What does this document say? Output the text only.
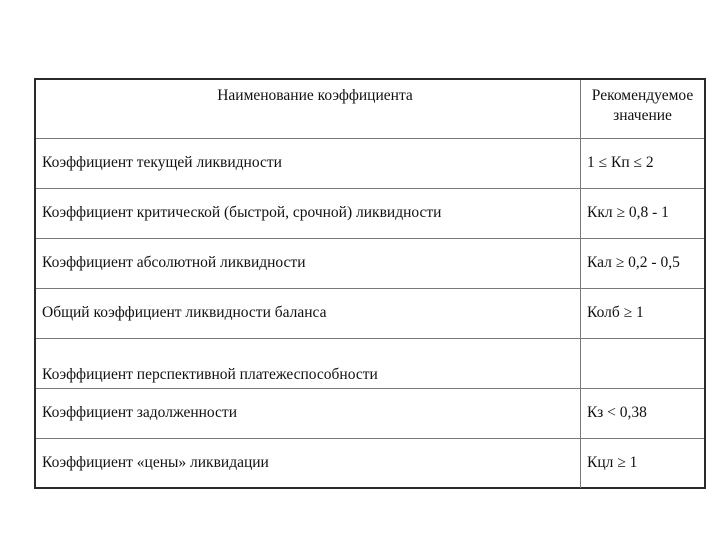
Наименование коэффициента	Рекомендуемое значение
Коэффициент текущей ликвидности	1 ≤ Кп ≤ 2
Коэффициент критической (быстрой, срочной) ликвидности	Ккл ≥ 0,8 - 1
Коэффициент абсолютной ликвидности	Кал ≥ 0,2 - 0,5
Общий коэффициент ликвидности баланса	Колб ≥ 1
Коэффициент перспективной платежеспособности	
Коэффициент задолженности	Кз < 0,38
Коэффициент «цены» ликвидации	Кцл ≥ 1
